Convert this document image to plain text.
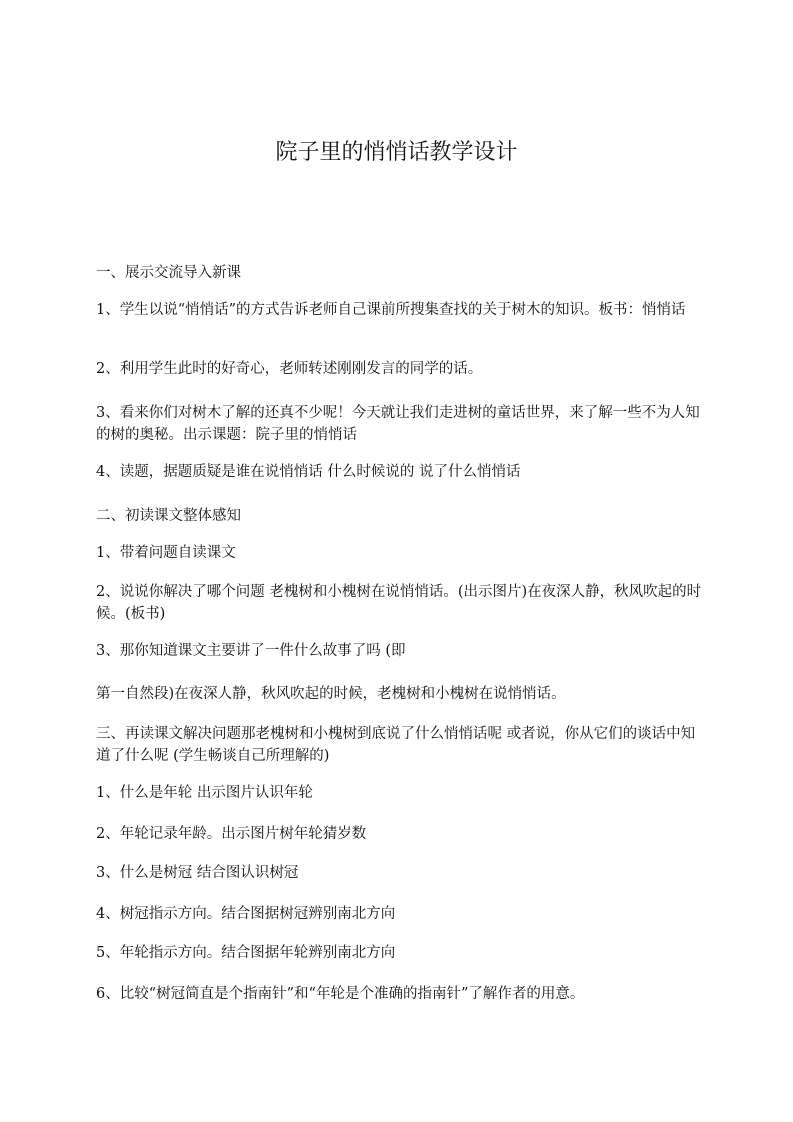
院子里的悄悄话教学设计
一、展示交流导入新课
1、学生以说“悄悄话”的方式告诉老师自己课前所搜集查找的关于树木的知识。板书：悄悄话
2、利用学生此时的好奇心，老师转述刚刚发言的同学的话。
3、看来你们对树木了解的还真不少呢！今天就让我们走进树的童话世界，来了解一些不为人知的树的奥秘。出示课题：院子里的悄悄话
4、读题，据题质疑是谁在说悄悄话 什么时候说的 说了什么悄悄话
二、初读课文整体感知
1、带着问题自读课文
2、说说你解决了哪个问题 老槐树和小槐树在说悄悄话。(出示图片)在夜深人静，秋风吹起的时候。(板书)
3、那你知道课文主要讲了一件什么故事了吗 (即
第一自然段)在夜深人静，秋风吹起的时候，老槐树和小槐树在说悄悄话。
三、再读课文解决问题那老槐树和小槐树到底说了什么悄悄话呢 或者说，你从它们的谈话中知道了什么呢 (学生畅谈自己所理解的)
1、什么是年轮 出示图片认识年轮
2、年轮记录年龄。出示图片树年轮猜岁数
3、什么是树冠 结合图认识树冠
4、树冠指示方向。结合图据树冠辨别南北方向
5、年轮指示方向。结合图据年轮辨别南北方向
6、比较“树冠简直是个指南针”和“年轮是个准确的指南针”了解作者的用意。
